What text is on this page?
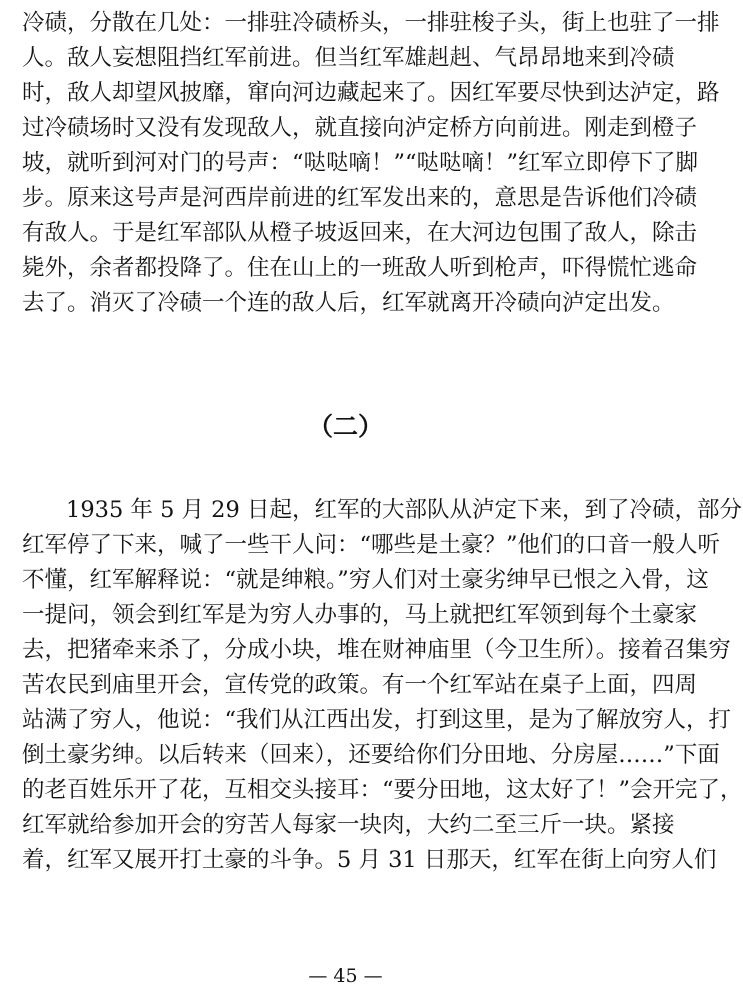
冷碛，分散在几处：一排驻冷碛桥头，一排驻梭子头，街上也驻了一排
人。敌人妄想阻挡红军前进。但当红军雄赳赳、气昂昂地来到冷碛
时，敌人却望风披靡，窜向河边藏起来了。因红军要尽快到达泸定，路
过冷碛场时又没有发现敌人，就直接向泸定桥方向前进。刚走到橙子
坡，就听到河对门的号声：“哒哒嘀！”“哒哒嘀！”红军立即停下了脚
步。原来这号声是河西岸前进的红军发出来的，意思是告诉他们冷碛
有敌人。于是红军部队从橙子坡返回来，在大河边包围了敌人，除击
毙外，余者都投降了。住在山上的一班敌人听到枪声，吓得慌忙逃命
去了。消灭了冷碛一个连的敌人后，红军就离开冷碛向泸定出发。
（二）
1935 年 5 月 29 日起，红军的大部队从泸定下来，到了冷碛，部分
红军停了下来，喊了一些干人问：“哪些是土豪？”他们的口音一般人听
不懂，红军解释说：“就是绅粮。”穷人们对土豪劣绅早已恨之入骨，这
一提问，领会到红军是为穷人办事的，马上就把红军领到每个土豪家
去，把猪牵来杀了，分成小块，堆在财神庙里（今卫生所）。接着召集穷
苦农民到庙里开会，宣传党的政策。有一个红军站在桌子上面，四周
站满了穷人，他说：“我们从江西出发，打到这里，是为了解放穷人，打
倒土豪劣绅。以后转来（回来），还要给你们分田地、分房屋……”下面
的老百姓乐开了花，互相交头接耳：“要分田地，这太好了！”会开完了，
红军就给参加开会的穷苦人每家一块肉，大约二至三斤一块。紧接
着，红军又展开打土豪的斗争。5 月 31 日那天，红军在街上向穷人们
— 45 —
